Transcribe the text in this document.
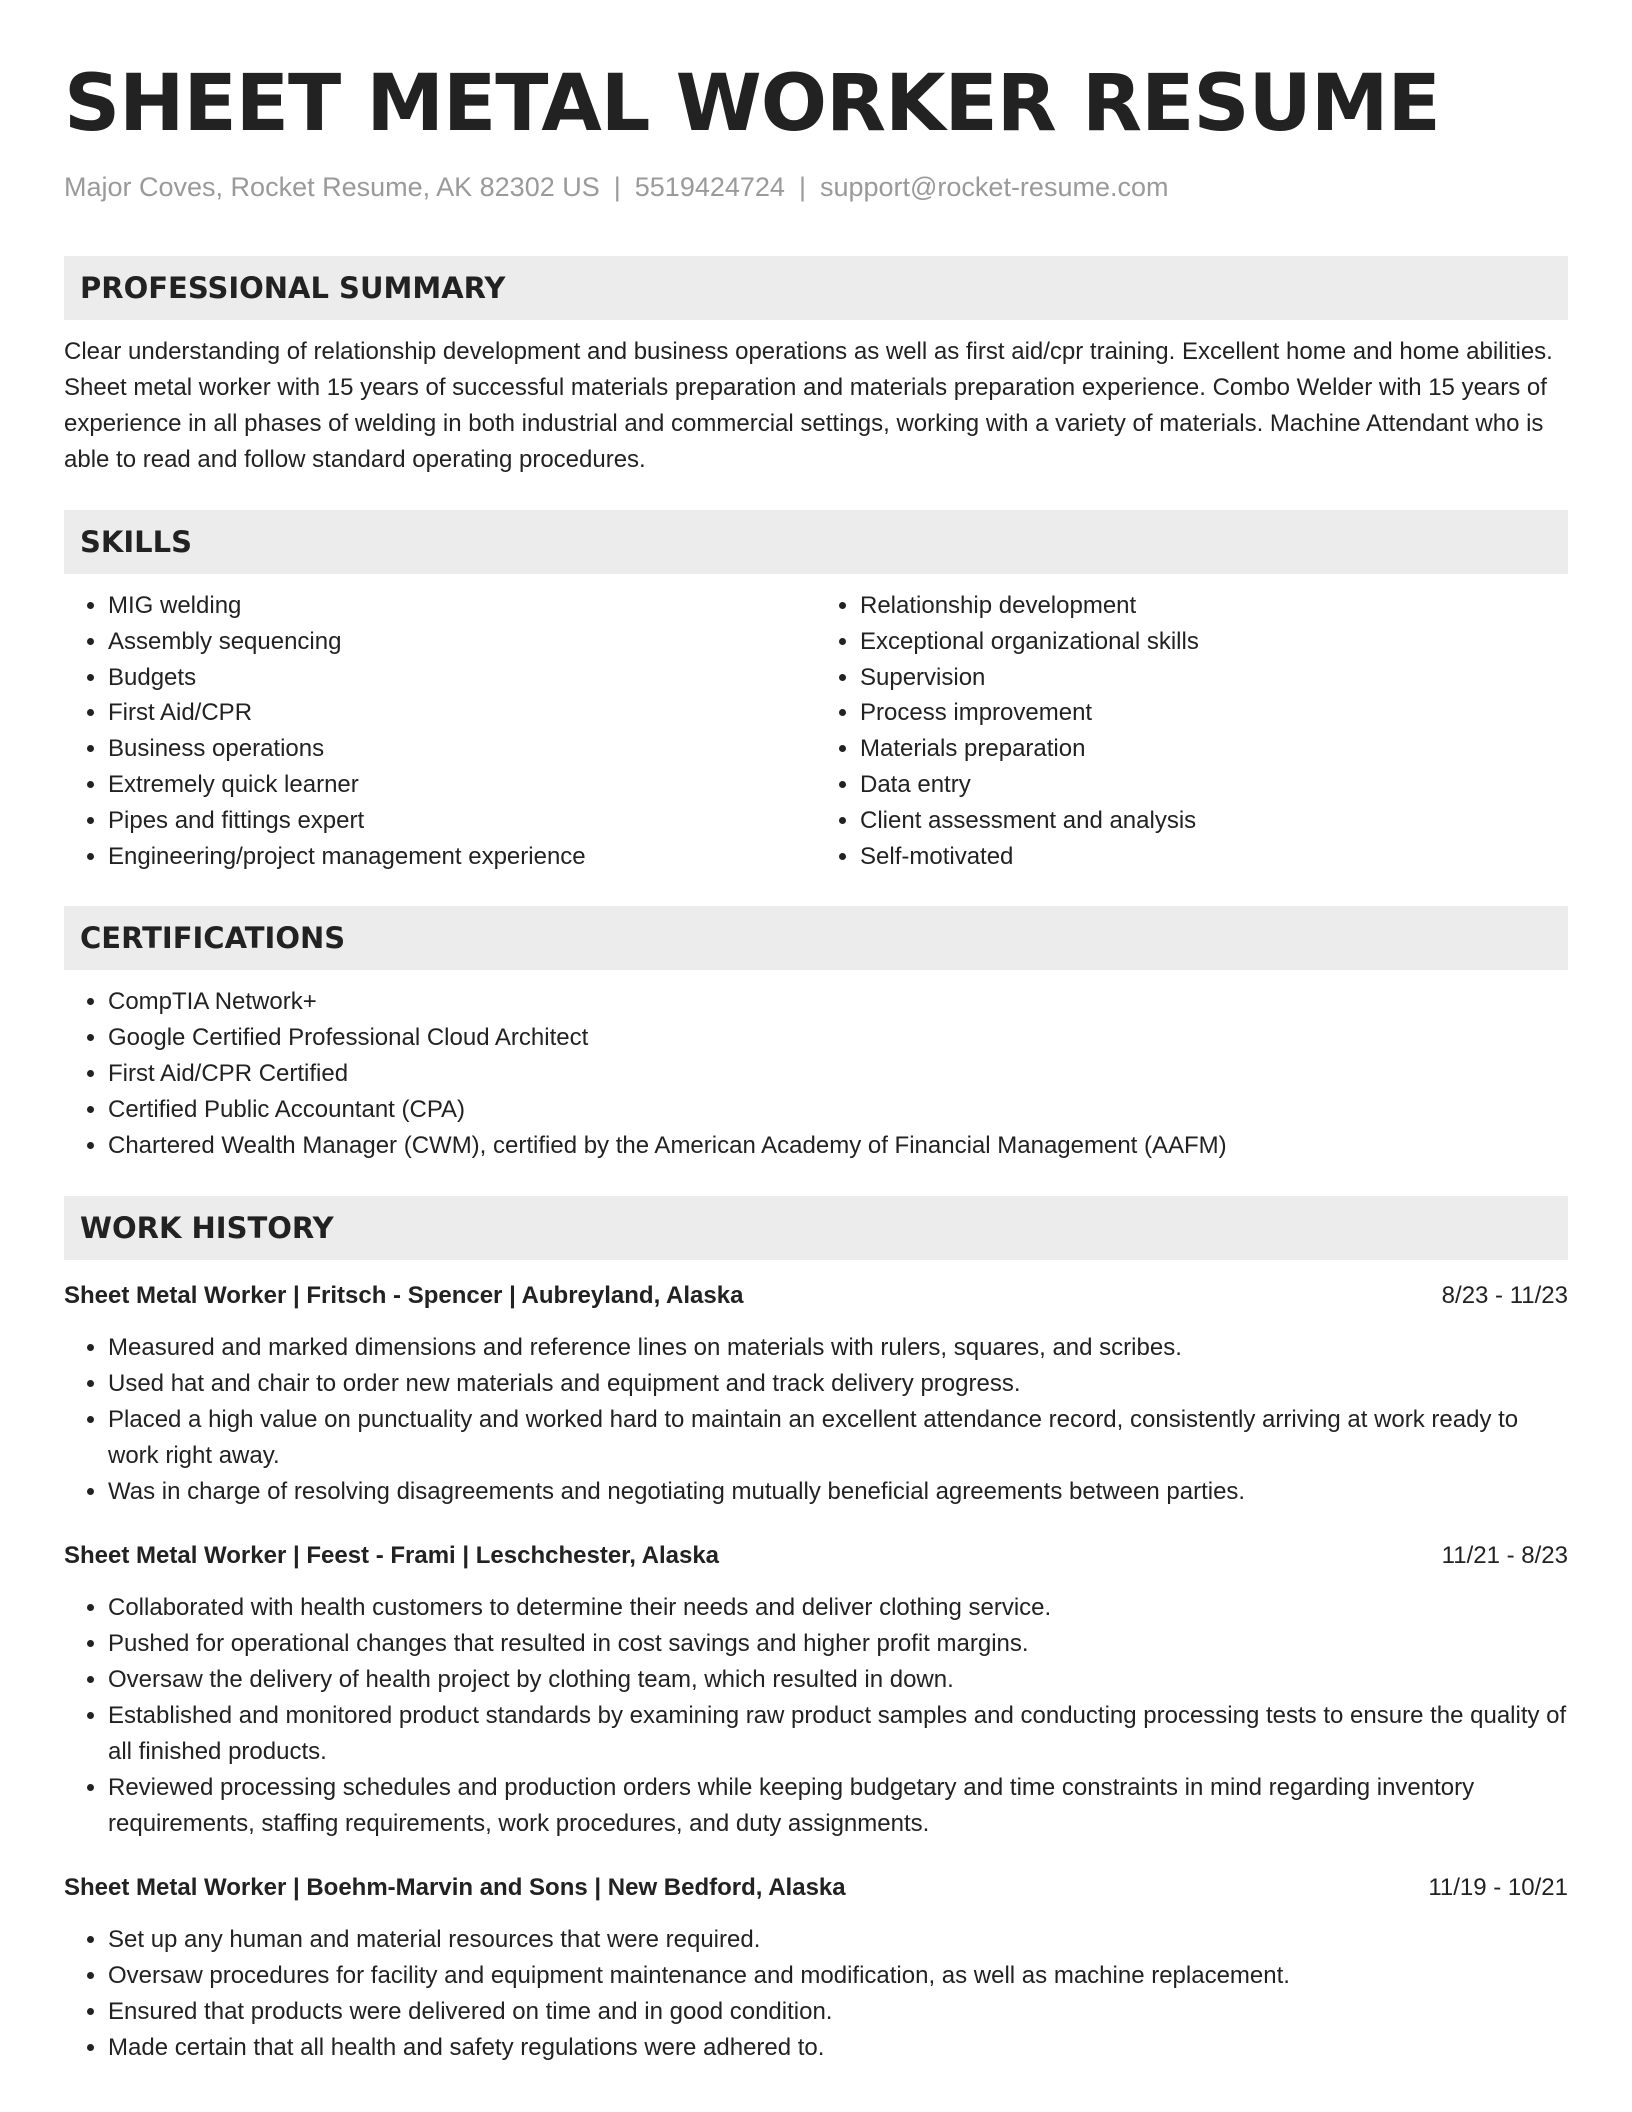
SHEET METAL WORKER RESUME
Major Coves, Rocket Resume, AK 82302 US | 5519424724 | support@rocket-resume.com
PROFESSIONAL SUMMARY
Clear understanding of relationship development and business operations as well as first aid/cpr training. Excellent home and home abilities. Sheet metal worker with 15 years of successful materials preparation and materials preparation experience. Combo Welder with 15 years of experience in all phases of welding in both industrial and commercial settings, working with a variety of materials. Machine Attendant who is able to read and follow standard operating procedures.
SKILLS
• MIG welding
• Assembly sequencing
• Budgets
• First Aid/CPR
• Business operations
• Extremely quick learner
• Pipes and fittings expert
• Engineering/project management experience
• Relationship development
• Exceptional organizational skills
• Supervision
• Process improvement
• Materials preparation
• Data entry
• Client assessment and analysis
• Self-motivated
CERTIFICATIONS
• CompTIA Network+
• Google Certified Professional Cloud Architect
• First Aid/CPR Certified
• Certified Public Accountant (CPA)
• Chartered Wealth Manager (CWM), certified by the American Academy of Financial Management (AAFM)
WORK HISTORY
Sheet Metal Worker | Fritsch - Spencer | Aubreyland, Alaska	8/23 - 11/23
• Measured and marked dimensions and reference lines on materials with rulers, squares, and scribes.
• Used hat and chair to order new materials and equipment and track delivery progress.
• Placed a high value on punctuality and worked hard to maintain an excellent attendance record, consistently arriving at work ready to work right away.
• Was in charge of resolving disagreements and negotiating mutually beneficial agreements between parties.
Sheet Metal Worker | Feest - Frami | Leschchester, Alaska	11/21 - 8/23
• Collaborated with health customers to determine their needs and deliver clothing service.
• Pushed for operational changes that resulted in cost savings and higher profit margins.
• Oversaw the delivery of health project by clothing team, which resulted in down.
• Established and monitored product standards by examining raw product samples and conducting processing tests to ensure the quality of all finished products.
• Reviewed processing schedules and production orders while keeping budgetary and time constraints in mind regarding inventory requirements, staffing requirements, work procedures, and duty assignments.
Sheet Metal Worker | Boehm-Marvin and Sons | New Bedford, Alaska	11/19 - 10/21
• Set up any human and material resources that were required.
• Oversaw procedures for facility and equipment maintenance and modification, as well as machine replacement.
• Ensured that products were delivered on time and in good condition.
• Made certain that all health and safety regulations were adhered to.
